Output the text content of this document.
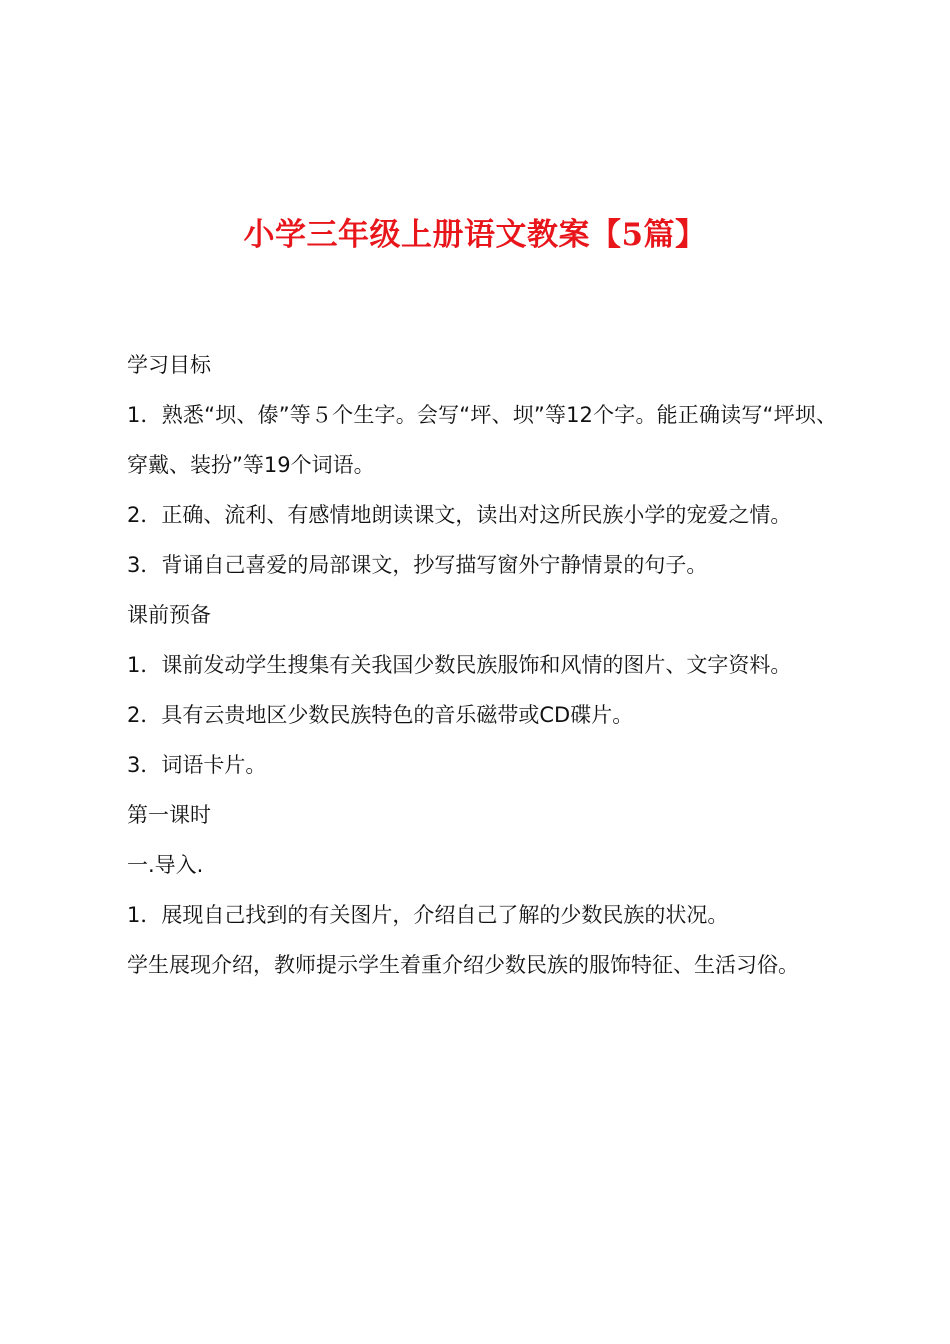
小学三年级上册语文教案【5篇】

学习目标

1．熟悉“坝、傣”等５个生字。会写“坪、坝”等12个字。能正确读写“坪坝、穿戴、装扮”等19个词语。

2．正确、流利、有感情地朗读课文，读出对这所民族小学的宠爱之情。

3．背诵自己喜爱的局部课文，抄写描写窗外宁静情景的句子。

课前预备

1．课前发动学生搜集有关我国少数民族服饰和风情的图片、文字资料。

2．具有云贵地区少数民族特色的音乐磁带或CD碟片。

3．词语卡片。

第一课时

一.导入.

1．展现自己找到的有关图片，介绍自己了解的少数民族的状况。

学生展现介绍，教师提示学生着重介绍少数民族的服饰特征、生活习俗。
